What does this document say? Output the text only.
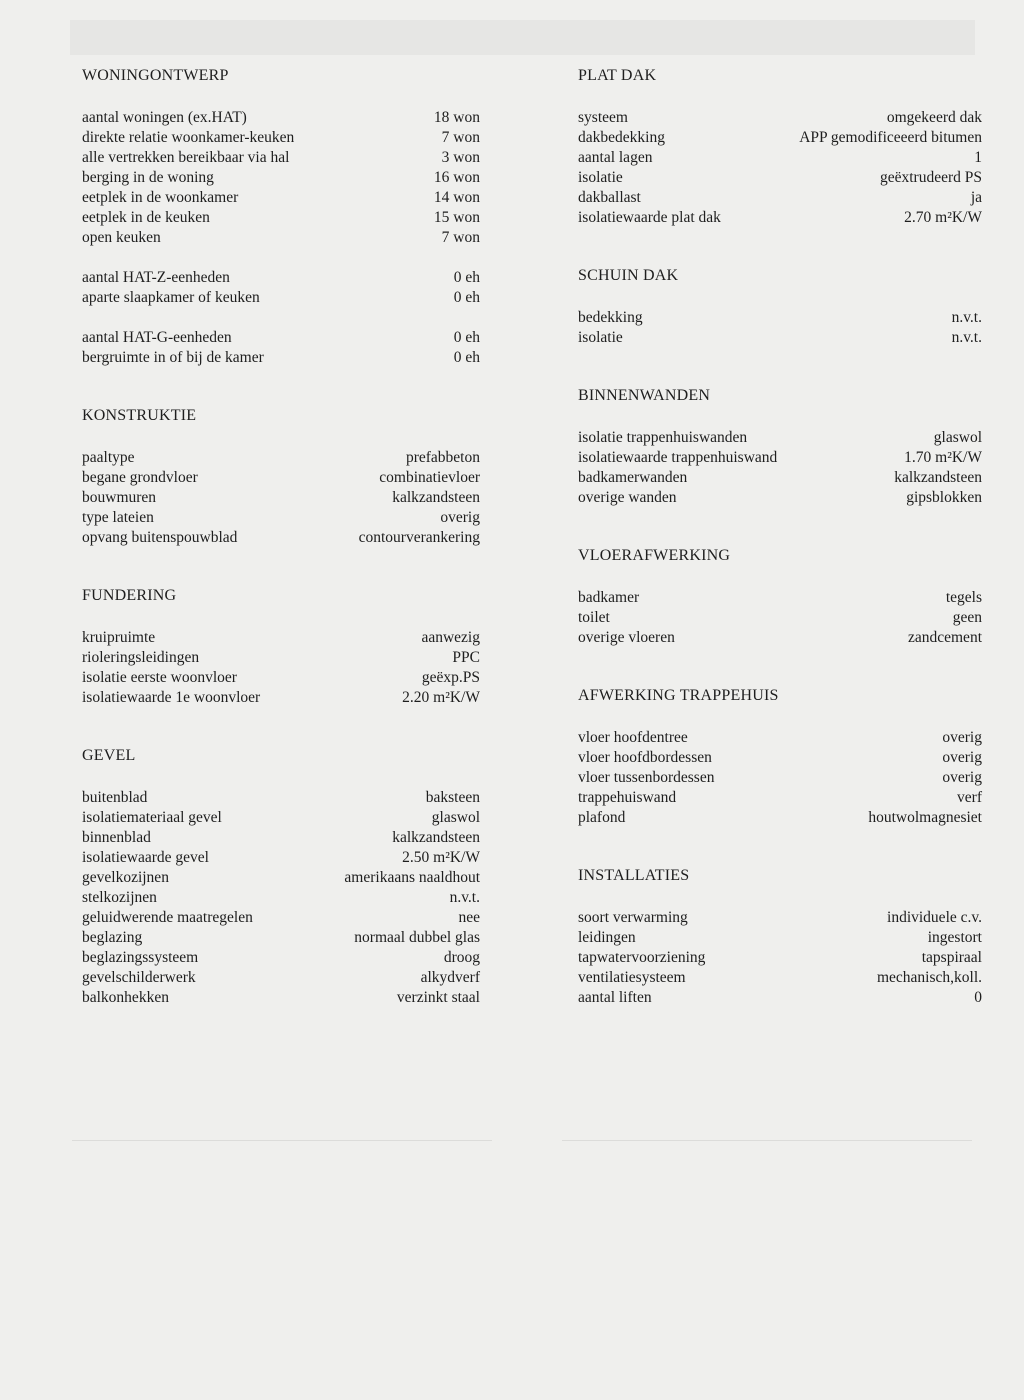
WONINGONTWERP
aantal woningen (ex.HAT)	18 won
direkte relatie woonkamer-keuken	7 won
alle vertrekken bereikbaar via hal	3 won
berging in de woning	16 won
eetplek in de woonkamer	14 won
eetplek in de keuken	15 won
open keuken	7 won
aantal HAT-Z-eenheden	0 eh
aparte slaapkamer of keuken	0 eh
aantal HAT-G-eenheden	0 eh
bergruimte in of bij de kamer	0 eh
KONSTRUKTIE
paaltype	prefabbeton
begane grondvloer	combinatievloer
bouwmuren	kalkzandsteen
type lateien	overig
opvang buitenspouwblad	contourverankering
FUNDERING
kruipruimte	aanwezig
rioleringsleidingen	PPC
isolatie eerste woonvloer	geëxp.PS
isolatiewaarde 1e woonvloer	2.20 m²K/W
GEVEL
buitenblad	baksteen
isolatiemateriaal gevel	glaswol
binnenblad	kalkzandsteen
isolatiewaarde gevel	2.50 m²K/W
gevelkozijnen	amerikaans naaldhout
stelkozijnen	n.v.t.
geluidwerende maatregelen	nee
beglazing	normaal dubbel glas
beglazingssysteem	droog
gevelschilderwerk	alkydverf
balkonhekken	verzinkt staal
PLAT DAK
systeem	omgekeerd dak
dakbedekking	APP gemodificeeerd bitumen
aantal lagen	1
isolatie	geëxtrudeerd PS
dakballast	ja
isolatiewaarde plat dak	2.70 m²K/W
SCHUIN DAK
bedekking	n.v.t.
isolatie	n.v.t.
BINNENWANDEN
isolatie trappenhuiswanden	glaswol
isolatiewaarde trappenhuiswand	1.70 m²K/W
badkamerwanden	kalkzandsteen
overige wanden	gipsblokken
VLOERAFWERKING
badkamer	tegels
toilet	geen
overige vloeren	zandcement
AFWERKING TRAPPEHUIS
vloer hoofdentree	overig
vloer hoofdbordessen	overig
vloer tussenbordessen	overig
trappehuiswand	verf
plafond	houtwolmagnesiet
INSTALLATIES
soort verwarming	individuele c.v.
leidingen	ingestort
tapwatervoorziening	tapspiraal
ventilatiesysteem	mechanisch,koll.
aantal liften	0
